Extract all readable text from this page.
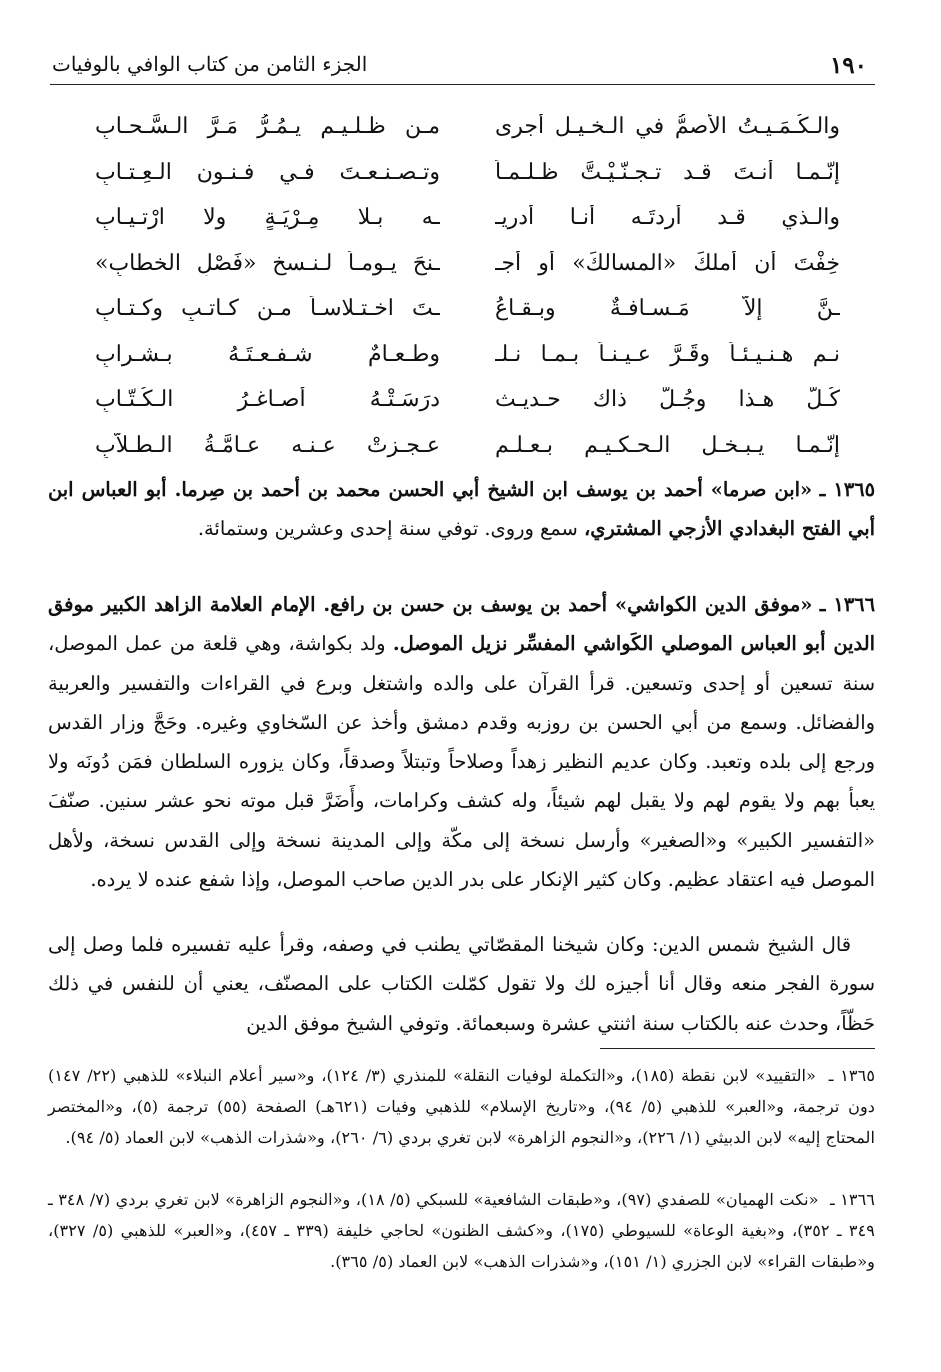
١٩٠
الجزء الثامن من كتاب الوافي بالوفيات
والـكُـمَـيـتُ الأصمُّ في الـخـيـل أجرى
مـن ظـلـيـم يـمُـرُّ مَـرَّ الـسَّـحـابِ
إنّـمـا أنـتَ قـد تـجـنّـيْـتَّ ظـلـمـاً
وتـصـنـعـتَ فـي فـنـون الـعِـتـابِ
والـذي قـد أردتَـه أنـا أدريـ
ـه بـلا مِـرْيَـةٍ ولا ارْتـيـابِ
خِفْتَ أن أملكَ «المسالكَ» أو أجـ
ـنحَ يـومـاً لـنـسخ «فَصْلِ الخطابِ»
ـنَّ إلاّ مَـسـافـةٌ وبـقـاعُ
ـتَ اخـتـلاسـاً مـن كـاتـبٍ وكـتـابِ
نـم هـنـيـئـاً وقَـرَّ عـيـنـاً بـمـا نـلـ
وطـعـامٌ شـفـعـتَـهُ بـشـرابِ
كُـلُّ هـذا وجُـلُّ ذاك حـديـث
درَسَـتْـهُ أصـاغـرُ الـكُـتّـابِ
إنّـمـا يـبـخـل الـحـكـيـم بـعـلـم
عـجـزتْ عـنـه عـامَّـةُ الـطـلاّبِ
١٣٦٥ ـ «ابن صرما» أحمد بن يوسف ابن الشيخ أبي الحسن محمد بن أحمد بن صِرما. أبو العباس ابن أبي الفتح البغدادي الأزجي المشتري، سمع وروى. توفي سنة إحدى وعشرين وستمائة.
١٣٦٦ ـ «موفق الدين الكواشي» أحمد بن يوسف بن حسن بن رافع. الإمام العلامة الزاهد الكبير موفق الدين أبو العباس الموصلي الكَواشي المفسِّر نزيل الموصل. ولد بكواشة، وهي قلعة من عمل الموصل، سنة تسعين أو إحدى وتسعين. قرأ القرآن على والده واشتغل وبرع في القراءات والتفسير والعربية والفضائل. وسمع من أبي الحسن بن روزبه وقدم دمشق وأخذ عن السّخاوي وغيره. وحَجَّ وزار القدس ورجع إلى بلده وتعبد. وكان عديم النظير زهداً وصلاحاً وتبتلاً وصدقاً، وكان يزوره السلطان فمَن دُونَه ولا يعبأ بهم ولا يقوم لهم ولا يقبل لهم شيئاً، وله كشف وكرامات، وأَضَرَّ قبل موته نحو عشر سنين. صنّفَ «التفسير الكبير» و«الصغير» وأرسل نسخة إلى مكّة وإلى المدينة نسخة وإلى القدس نسخة، ولأهل الموصل فيه اعتقاد عظيم. وكان كثير الإنكار على بدر الدين صاحب الموصل، وإذا شفع عنده لا يرده.
قال الشيخ شمس الدين: وكان شيخنا المقصّاتي يطنب في وصفه، وقرأ عليه تفسيره فلما وصل إلى سورة الفجر منعه وقال أنا أجيزه لك ولا تقول كمّلت الكتاب على المصنّف، يعني أن للنفس في ذلك حَظّاً، وحدث عنه بالكتاب سنة اثنتي عشرة وسبعمائة. وتوفي الشيخ موفق الدين
١٣٦٥ ـ «التقييد» لابن نقطة (١٨٥)، و«التكملة لوفيات النقلة» للمنذري (٣/ ١٢٤)، و«سير أعلام النبلاء» للذهبي (٢٢/ ١٤٧) دون ترجمة، و«العبر» للذهبي (٥/ ٩٤)، و«تاريخ الإسلام» للذهبي وفيات (٦٢١هـ) الصفحة (٥٥) ترجمة (٥)، و«المختصر المحتاج إليه» لابن الدبيثي (١/ ٢٢٦)، و«النجوم الزاهرة» لابن تغري بردي (٦/ ٢٦٠)، و«شذرات الذهب» لابن العماد (٥/ ٩٤).
١٣٦٦ ـ «نكت الهميان» للصفدي (٩٧)، و«طبقات الشافعية» للسبكي (٥/ ١٨)، و«النجوم الزاهرة» لابن تغري بردي (٧/ ٣٤٨ ـ ٣٤٩ ـ ٣٥٢)، و«بغية الوعاة» للسيوطي (١٧٥)، و«كشف الظنون» لحاجي خليفة (٣٣٩ ـ ٤٥٧)، و«العبر» للذهبي (٥/ ٣٢٧)، و«طبقات القراء» لابن الجزري (١/ ١٥١)، و«شذرات الذهب» لابن العماد (٥/ ٣٦٥).
